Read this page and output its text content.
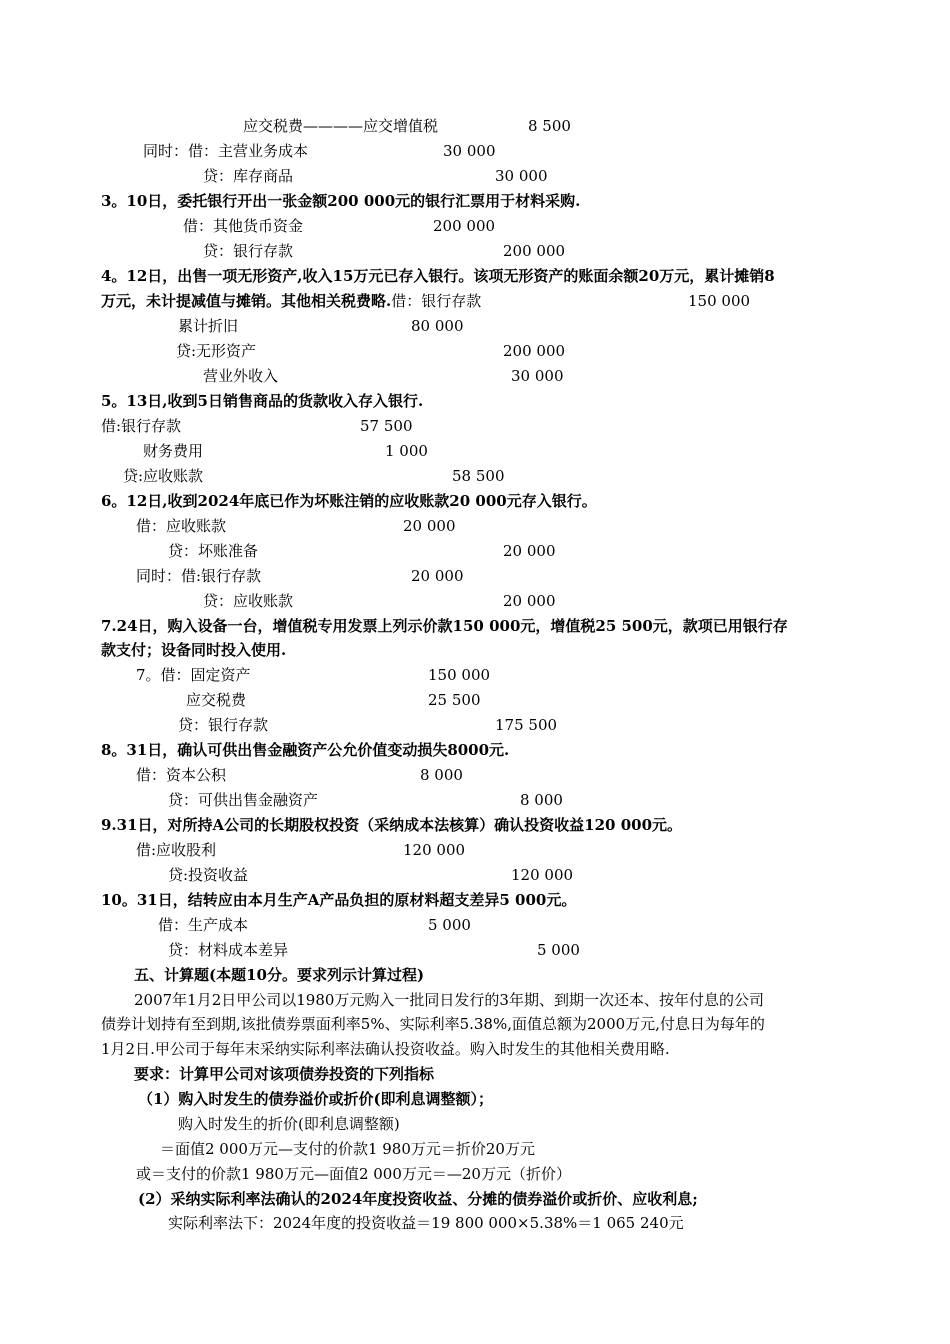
应交税费————应交增值税	8 500
同时：借：主营业务成本	30 000
贷：库存商品	30 000
3。10日，委托银行开出一张金额200 000元的银行汇票用于材料采购.
借：其他货币资金	200 000
贷：银行存款	200 000
4。12日，出售一项无形资产,收入15万元已存入银行。该项无形资产的账面余额20万元，累计摊销8
万元，未计提减值与摊销。其他相关税费略.借：银行存款	150 000
累计折旧	80 000
贷:无形资产	200 000
营业外收入	30 000
5。13日,收到5日销售商品的货款收入存入银行.
借:银行存款	57 500
财务费用	1 000
贷:应收账款	58 500
6。12日,收到2024年底已作为坏账注销的应收账款20 000元存入银行。
借：应收账款	20 000
贷：坏账准备	20 000
同时：借:银行存款	20 000
贷：应收账款	20 000
7.24日，购入设备一台，增值税专用发票上列示价款150 000元，增值税25 500元，款项已用银行存
款支付；设备同时投入使用.
7。借：固定资产	150 000
应交税费	25 500
贷：银行存款	175 500
8。31日，确认可供出售金融资产公允价值变动损失8000元.
借：资本公积	8 000
贷：可供出售金融资产	8 000
9.31日，对所持A公司的长期股权投资（采纳成本法核算）确认投资收益120 000元。
借:应收股利	120 000
贷:投资收益	120 000
10。31日，结转应由本月生产A产品负担的原材料超支差异5 000元。
借：生产成本	5 000
贷：材料成本差异	5 000
五、计算题(本题10分。要求列示计算过程)
2007年1月2日甲公司以1980万元购入一批同日发行的3年期、到期一次还本、按年付息的公司
债券计划持有至到期,该批债券票面利率5%、实际利率5.38%,面值总额为2000万元,付息日为每年的
1月2日.甲公司于每年末采纳实际利率法确认投资收益。购入时发生的其他相关费用略.
要求：计算甲公司对该项债券投资的下列指标
（1）购入时发生的债券溢价或折价(即利息调整额）；
购入时发生的折价(即利息调整额)
＝面值2 000万元—支付的价款1 980万元＝折价20万元
或＝支付的价款1 980万元—面值2 000万元＝—20万元（折价）
(2）采纳实际利率法确认的2024年度投资收益、分摊的债券溢价或折价、应收利息;
实际利率法下：2024年度的投资收益＝19 800 000×5.38%＝1 065 240元
